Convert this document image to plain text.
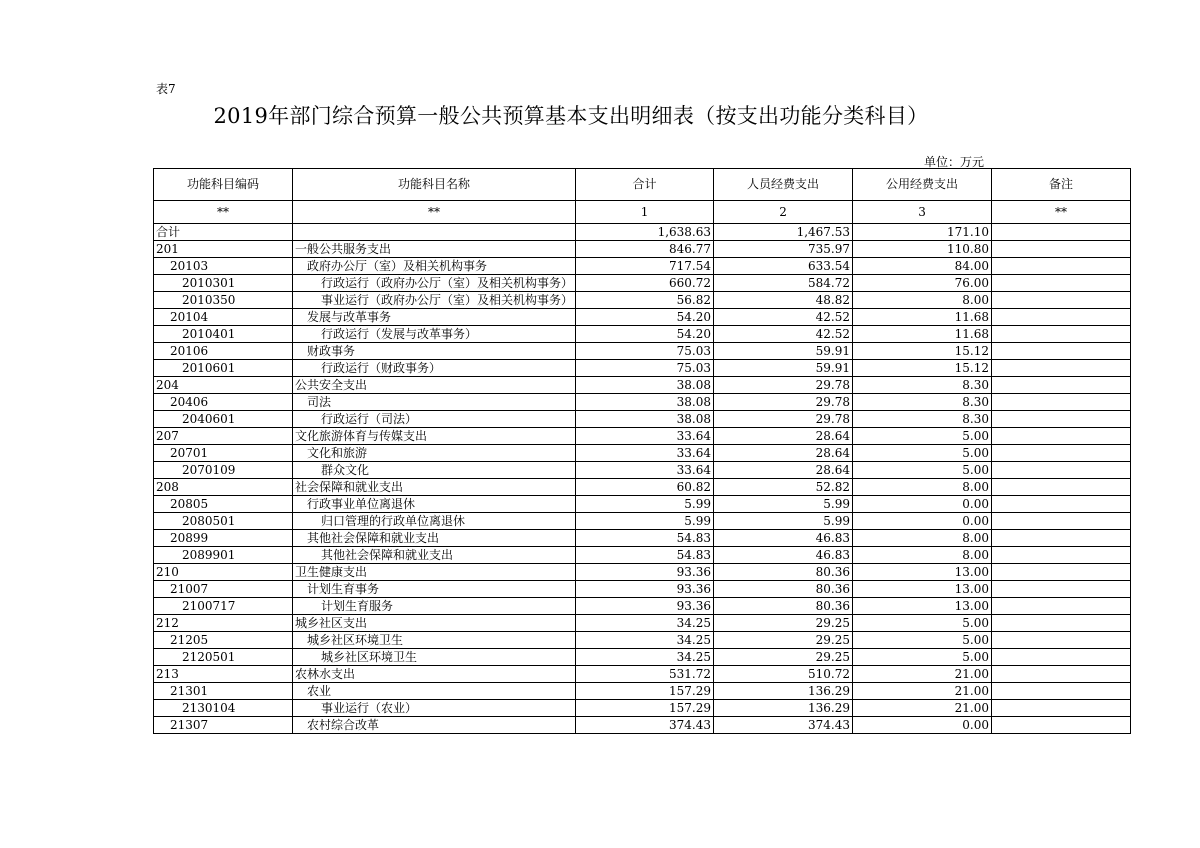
表7
2019年部门综合预算一般公共预算基本支出明细表（按支出功能分类科目）
单位：万元
功能科目编码	功能科目名称	合计	人员经费支出	公用经费支出	备注
**	**	1	2	3	**
合计		1,638.63	1,467.53	171.10	
201	一般公共服务支出	846.77	735.97	110.80	
20103	政府办公厅（室）及相关机构事务	717.54	633.54	84.00	
2010301	行政运行（政府办公厅（室）及相关机构事务）	660.72	584.72	76.00	
2010350	事业运行（政府办公厅（室）及相关机构事务）	56.82	48.82	8.00	
20104	发展与改革事务	54.20	42.52	11.68	
2010401	行政运行（发展与改革事务）	54.20	42.52	11.68	
20106	财政事务	75.03	59.91	15.12	
2010601	行政运行（财政事务）	75.03	59.91	15.12	
204	公共安全支出	38.08	29.78	8.30	
20406	司法	38.08	29.78	8.30	
2040601	行政运行（司法）	38.08	29.78	8.30	
207	文化旅游体育与传媒支出	33.64	28.64	5.00	
20701	文化和旅游	33.64	28.64	5.00	
2070109	群众文化	33.64	28.64	5.00	
208	社会保障和就业支出	60.82	52.82	8.00	
20805	行政事业单位离退休	5.99	5.99	0.00	
2080501	归口管理的行政单位离退休	5.99	5.99	0.00	
20899	其他社会保障和就业支出	54.83	46.83	8.00	
2089901	其他社会保障和就业支出	54.83	46.83	8.00	
210	卫生健康支出	93.36	80.36	13.00	
21007	计划生育事务	93.36	80.36	13.00	
2100717	计划生育服务	93.36	80.36	13.00	
212	城乡社区支出	34.25	29.25	5.00	
21205	城乡社区环境卫生	34.25	29.25	5.00	
2120501	城乡社区环境卫生	34.25	29.25	5.00	
213	农林水支出	531.72	510.72	21.00	
21301	农业	157.29	136.29	21.00	
2130104	事业运行（农业）	157.29	136.29	21.00	
21307	农村综合改革	374.43	374.43	0.00	
